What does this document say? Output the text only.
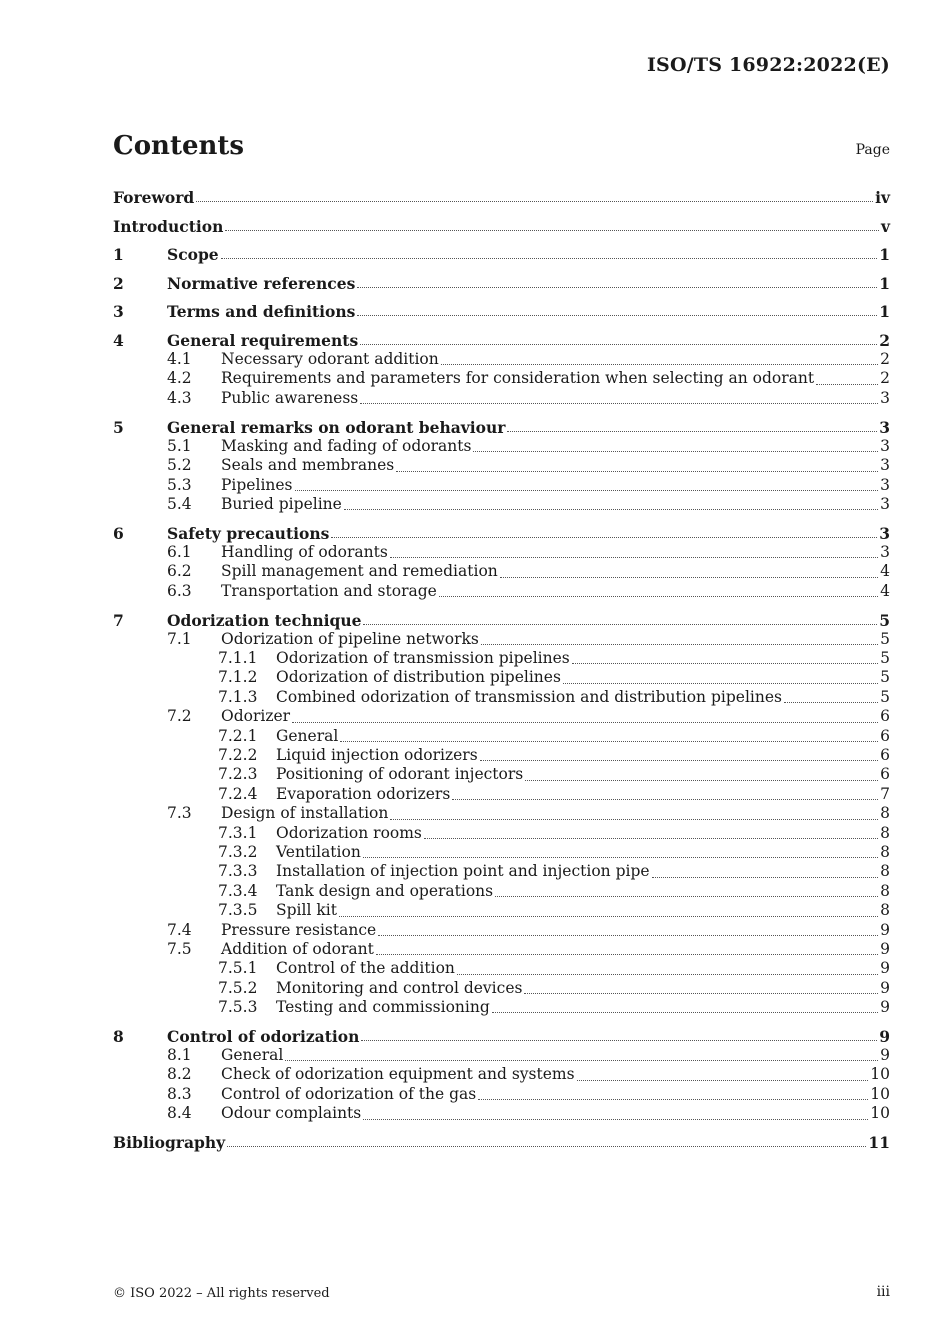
ISO/TS 16922:2022(E)
Contents	Page
Foreword	iv
Introduction	v
1	Scope	1
2	Normative references	1
3	Terms and definitions	1
4	General requirements	2
4.1	Necessary odorant addition	2
4.2	Requirements and parameters for consideration when selecting an odorant	2
4.3	Public awareness	3
5	General remarks on odorant behaviour	3
5.1	Masking and fading of odorants	3
5.2	Seals and membranes	3
5.3	Pipelines	3
5.4	Buried pipeline	3
6	Safety precautions	3
6.1	Handling of odorants	3
6.2	Spill management and remediation	4
6.3	Transportation and storage	4
7	Odorization technique	5
7.1	Odorization of pipeline networks	5
7.1.1	Odorization of transmission pipelines	5
7.1.2	Odorization of distribution pipelines	5
7.1.3	Combined odorization of transmission and distribution pipelines	5
7.2	Odorizer	6
7.2.1	General	6
7.2.2	Liquid injection odorizers	6
7.2.3	Positioning of odorant injectors	6
7.2.4	Evaporation odorizers	7
7.3	Design of installation	8
7.3.1	Odorization rooms	8
7.3.2	Ventilation	8
7.3.3	Installation of injection point and injection pipe	8
7.3.4	Tank design and operations	8
7.3.5	Spill kit	8
7.4	Pressure resistance	9
7.5	Addition of odorant	9
7.5.1	Control of the addition	9
7.5.2	Monitoring and control devices	9
7.5.3	Testing and commissioning	9
8	Control of odorization	9
8.1	General	9
8.2	Check of odorization equipment and systems	10
8.3	Control of odorization of the gas	10
8.4	Odour complaints	10
Bibliography	11
© ISO 2022 – All rights reserved	iii
